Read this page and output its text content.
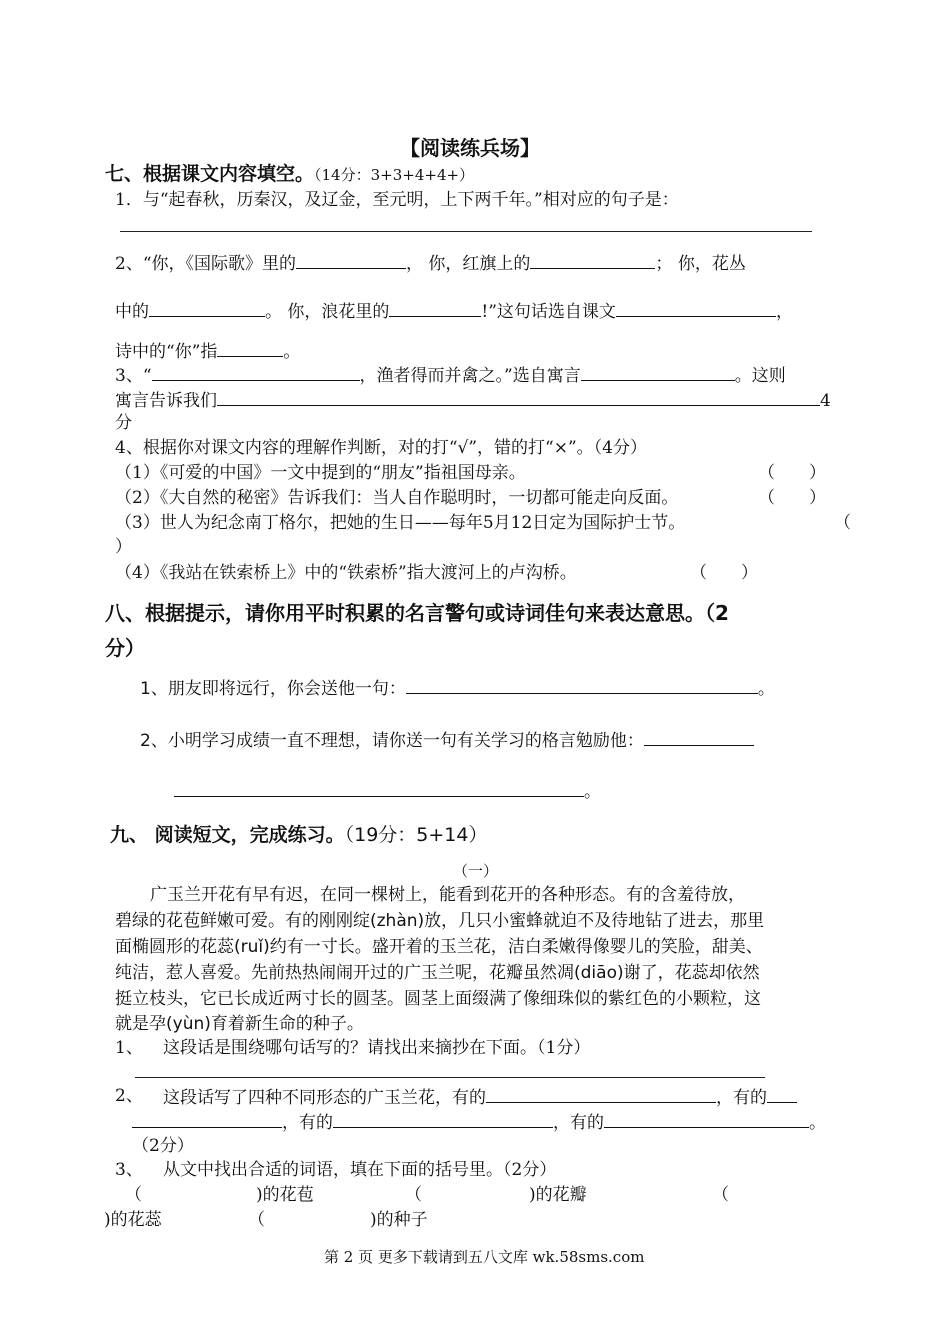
【阅读练兵场】
七、根据课文内容填空。（14分：3+3+4+4+）
1．与“起春秋，历秦汉，及辽金，至元明，上下两千年。”相对应的句子是：
2、“你，《国际歌》里的	， 你，红旗上的	； 你，花丛
中的	。 你，浪花里的	!”这句话选自课文	，
诗中的“你”指	。
3、“	，渔者得而并禽之。”选自寓言	。这则
寓言告诉我们	4
分
4、根据你对课文内容的理解作判断，对的打“√”，错的打“×”。（4分）
（1）《可爱的中国》一文中提到的“朋友”指祖国母亲。	（　　）
（2）《大自然的秘密》告诉我们：当人自作聪明时，一切都可能走向反面。	（　　）
（3）世人为纪念南丁格尔，把她的生日——每年5月12日定为国际护士节。	（
）
（4）《我站在铁索桥上》中的“铁索桥”指大渡河上的卢沟桥。	（　　）
八、根据提示，请你用平时积累的名言警句或诗词佳句来表达意思。（2
分）
1、朋友即将远行，你会送他一句：	。
2、小明学习成绩一直不理想，请你送一句有关学习的格言勉励他：
。
九、 阅读短文，完成练习。（19分：5+14）
（一）
广玉兰开花有早有迟，在同一棵树上，能看到花开的各种形态。有的含羞待放，
碧绿的花苞鲜嫩可爱。有的刚刚绽(zhàn)放，几只小蜜蜂就迫不及待地钻了进去，那里
面椭圆形的花蕊(ruǐ)约有一寸长。盛开着的玉兰花，洁白柔嫩得像婴儿的笑脸，甜美、
纯洁，惹人喜爱。先前热热闹闹开过的广玉兰呢，花瓣虽然凋(diāo)谢了，花蕊却依然
挺立枝头，它已长成近两寸长的圆茎。圆茎上面缀满了像细珠似的紫红色的小颗粒，这
就是孕(yùn)育着新生命的种子。
1、 这段话是围绕哪句话写的？请找出来摘抄在下面。（1分）
2、 这段话写了四种不同形态的广玉兰花，有的	，有的
，有的	，有的	。
（2分）
3、 从文中找出合适的词语，填在下面的括号里。（2分）
（	)的花苞	（	)的花瓣	（
)的花蕊	（	)的种子
第 2 页 更多下载请到五八文库 wk.58sms.com
